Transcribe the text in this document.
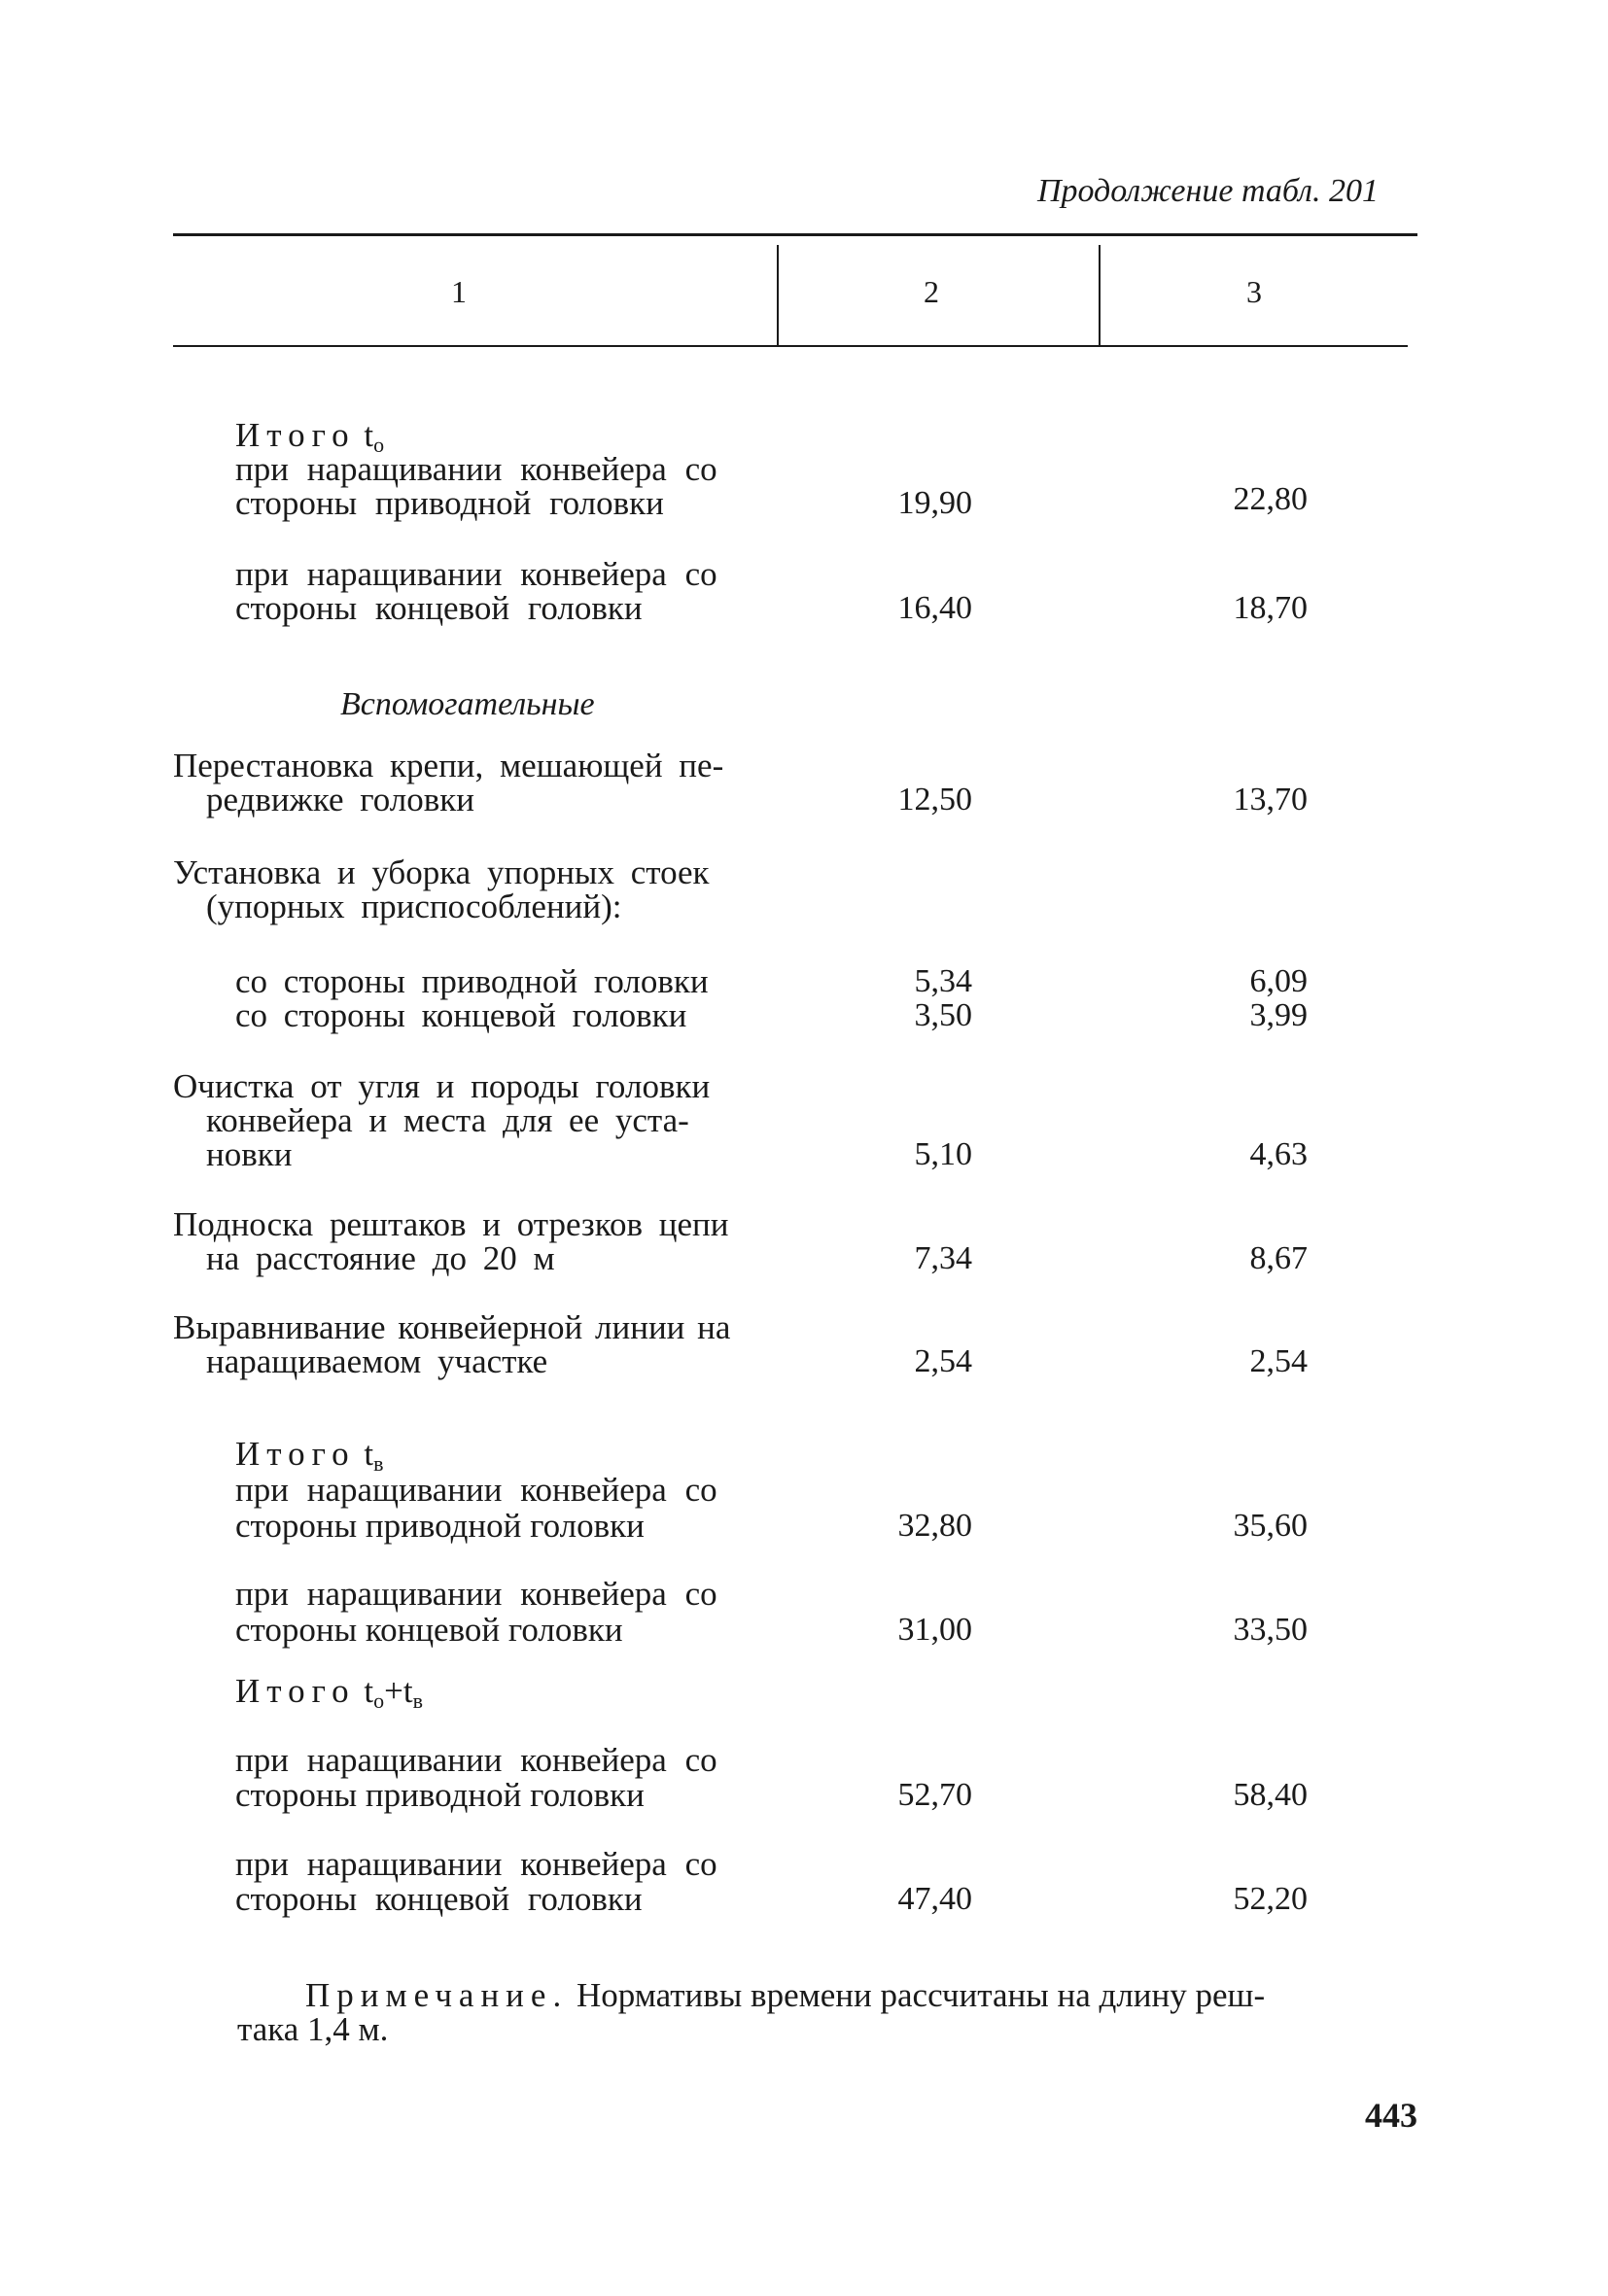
Продолжение табл. 201
1	2	3
Итого $t_о$
при наращивании конвейера со
стороны приводной головки	19,90	22,80
при наращивании конвейера со
стороны концевой головки	16,40	18,70
Вспомогательные
Перестановка крепи, мешающей пе-
редвижке головки	12,50	13,70
Установка и уборка упорных стоек
(упорных приспособлений):
со стороны приводной головки	5,34	6,09
со стороны концевой головки	3,50	3,99
Очистка от угля и породы головки
конвейера и места для ее уста-
новки	5,10	4,63
Подноска рештаков и отрезков цепи
на расстояние до 20 м	7,34	8,67
Выравнивание конвейерной линии на
наращиваемом участке	2,54	2,54
Итого $t_в$
при наращивании конвейера со
стороны приводной головки	32,80	35,60
при наращивании конвейера со
стороны концевой головки	31,00	33,50
Итого $t_о+t_в$
при наращивании конвейера со
стороны приводной головки	52,70	58,40
при наращивании конвейера со
стороны концевой головки	47,40	52,20
Примечание. Нормативы времени рассчитаны на длину реш-
така 1,4 м.
443
